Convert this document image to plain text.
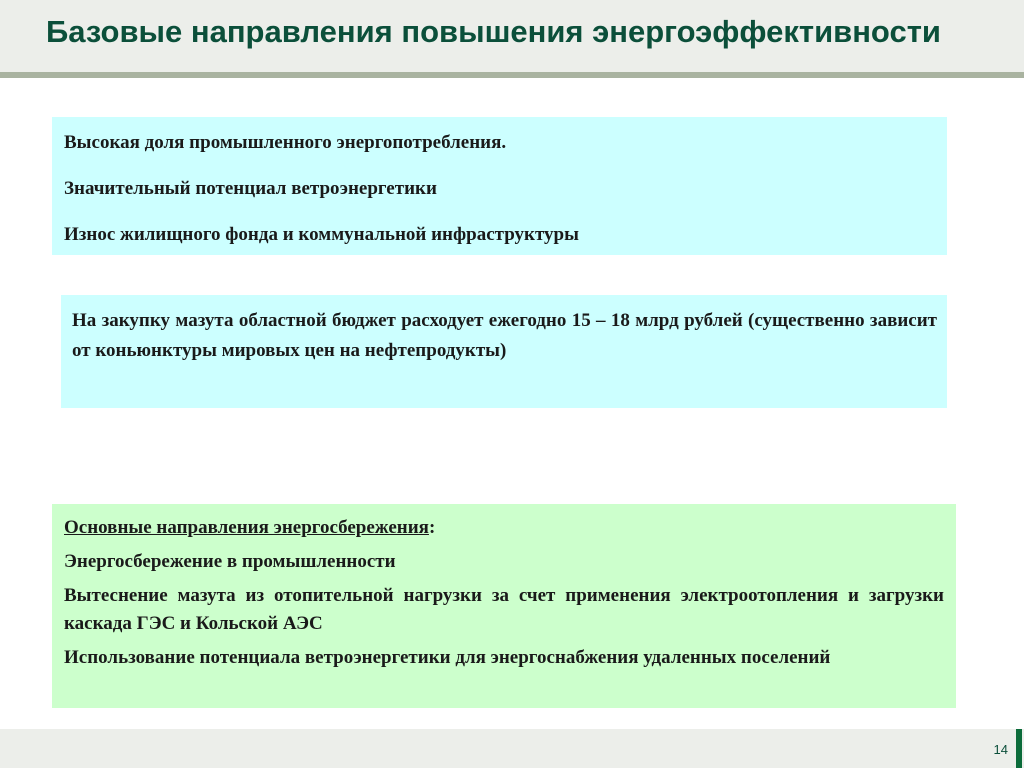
Базовые направления повышения энергоэффективности

Высокая доля промышленного энергопотребления.

Значительный потенциал ветроэнергетики

Износ жилищного фонда и коммунальной инфраструктуры

На закупку мазута областной бюджет расходует ежегодно 15 – 18 млрд рублей (существенно зависит от коньюнктуры мировых цен на нефтепродукты)

Основные направления энергосбережения:

Энергосбережение в промышленности

Вытеснение мазута из отопительной нагрузки за счет применения электроотопления и загрузки каскада ГЭС и Кольской АЭС

Использование потенциала ветроэнергетики для энергоснабжения удаленных поселений

14
